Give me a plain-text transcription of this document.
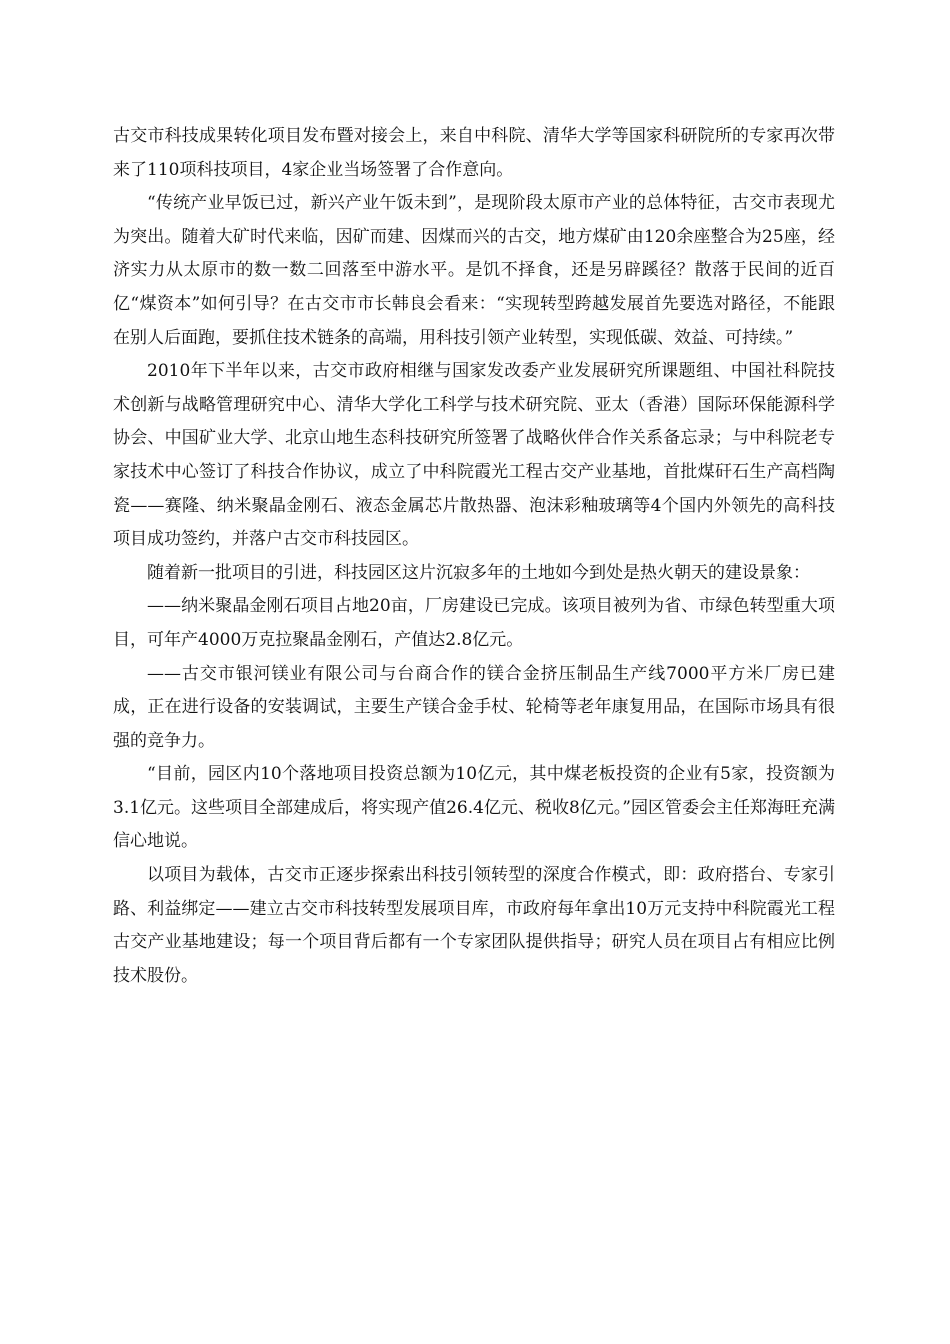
古交市科技成果转化项目发布暨对接会上，来自中科院、清华大学等国家科研院所的专家再次带来了110项科技项目，4家企业当场签署了合作意向。

“传统产业早饭已过，新兴产业午饭未到”，是现阶段太原市产业的总体特征，古交市表现尤为突出。随着大矿时代来临，因矿而建、因煤而兴的古交，地方煤矿由120余座整合为25座，经济实力从太原市的数一数二回落至中游水平。是饥不择食，还是另辟蹊径？散落于民间的近百亿“煤资本”如何引导？在古交市市长韩良会看来：“实现转型跨越发展首先要选对路径，不能跟在别人后面跑，要抓住技术链条的高端，用科技引领产业转型，实现低碳、效益、可持续。”

2010年下半年以来，古交市政府相继与国家发改委产业发展研究所课题组、中国社科院技术创新与战略管理研究中心、清华大学化工科学与技术研究院、亚太（香港）国际环保能源科学协会、中国矿业大学、北京山地生态科技研究所签署了战略伙伴合作关系备忘录；与中科院老专家技术中心签订了科技合作协议，成立了中科院霞光工程古交产业基地，首批煤矸石生产高档陶瓷——赛隆、纳米聚晶金刚石、液态金属芯片散热器、泡沫彩釉玻璃等4个国内外领先的高科技项目成功签约，并落户古交市科技园区。

随着新一批项目的引进，科技园区这片沉寂多年的土地如今到处是热火朝天的建设景象：

——纳米聚晶金刚石项目占地20亩，厂房建设已完成。该项目被列为省、市绿色转型重大项目，可年产4000万克拉聚晶金刚石，产值达2.8亿元。

——古交市银河镁业有限公司与台商合作的镁合金挤压制品生产线7000平方米厂房已建成，正在进行设备的安装调试，主要生产镁合金手杖、轮椅等老年康复用品，在国际市场具有很强的竞争力。

“目前，园区内10个落地项目投资总额为10亿元，其中煤老板投资的企业有5家，投资额为3.1亿元。这些项目全部建成后，将实现产值26.4亿元、税收8亿元。”园区管委会主任郑海旺充满信心地说。

以项目为载体，古交市正逐步探索出科技引领转型的深度合作模式，即：政府搭台、专家引路、利益绑定——建立古交市科技转型发展项目库，市政府每年拿出10万元支持中科院霞光工程古交产业基地建设；每一个项目背后都有一个专家团队提供指导；研究人员在项目占有相应比例技术股份。
